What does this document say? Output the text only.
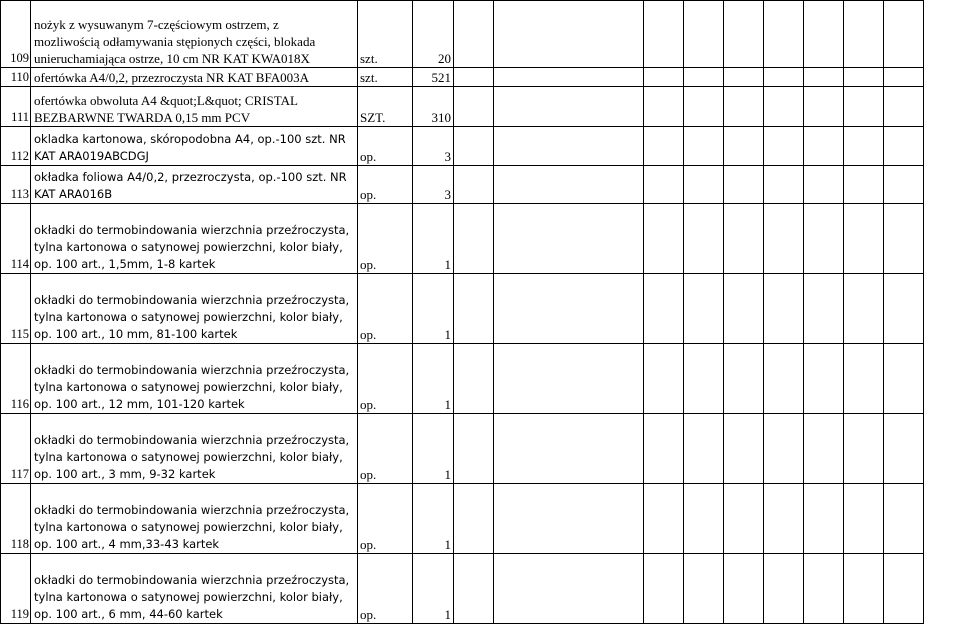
109	nożyk z wysuwanym 7-częściowym ostrzem, z
mozliwością odłamywania stępionych części, blokada
unieruchamiająca ostrze, 10 cm NR KAT KWA018X	szt.	20									
110	ofertówka A4/0,2, przezroczysta NR KAT BFA003A	szt.	521									
111	ofertówka obwoluta A4 &quot;L&quot; CRISTAL
BEZBARWNE TWARDA 0,15 mm PCV	SZT.	310									
112	okladka kartonowa, skóropodobna A4, op.-100 szt. NR
KAT ARA019ABCDGJ	op.	3									
113	okładka foliowa A4/0,2, przezroczysta, op.-100 szt. NR
KAT ARA016B	op.	3									
114	okładki do termobindowania wierzchnia przeźroczysta,
tylna kartonowa o satynowej powierzchni, kolor biały,
op. 100 art., 1,5mm, 1-8 kartek	op.	1									
115	okładki do termobindowania wierzchnia przeźroczysta,
tylna kartonowa o satynowej powierzchni, kolor biały,
op. 100 art., 10 mm, 81-100 kartek	op.	1									
116	okładki do termobindowania wierzchnia przeźroczysta,
tylna kartonowa o satynowej powierzchni, kolor biały,
op. 100 art., 12 mm, 101-120 kartek	op.	1									
117	okładki do termobindowania wierzchnia przeźroczysta,
tylna kartonowa o satynowej powierzchni, kolor biały,
op. 100 art., 3 mm, 9-32 kartek	op.	1									
118	okładki do termobindowania wierzchnia przeźroczysta,
tylna kartonowa o satynowej powierzchni, kolor biały,
op. 100 art., 4 mm,33-43 kartek	op.	1									
119	okładki do termobindowania wierzchnia przeźroczysta,
tylna kartonowa o satynowej powierzchni, kolor biały,
op. 100 art., 6 mm, 44-60 kartek	op.	1									
